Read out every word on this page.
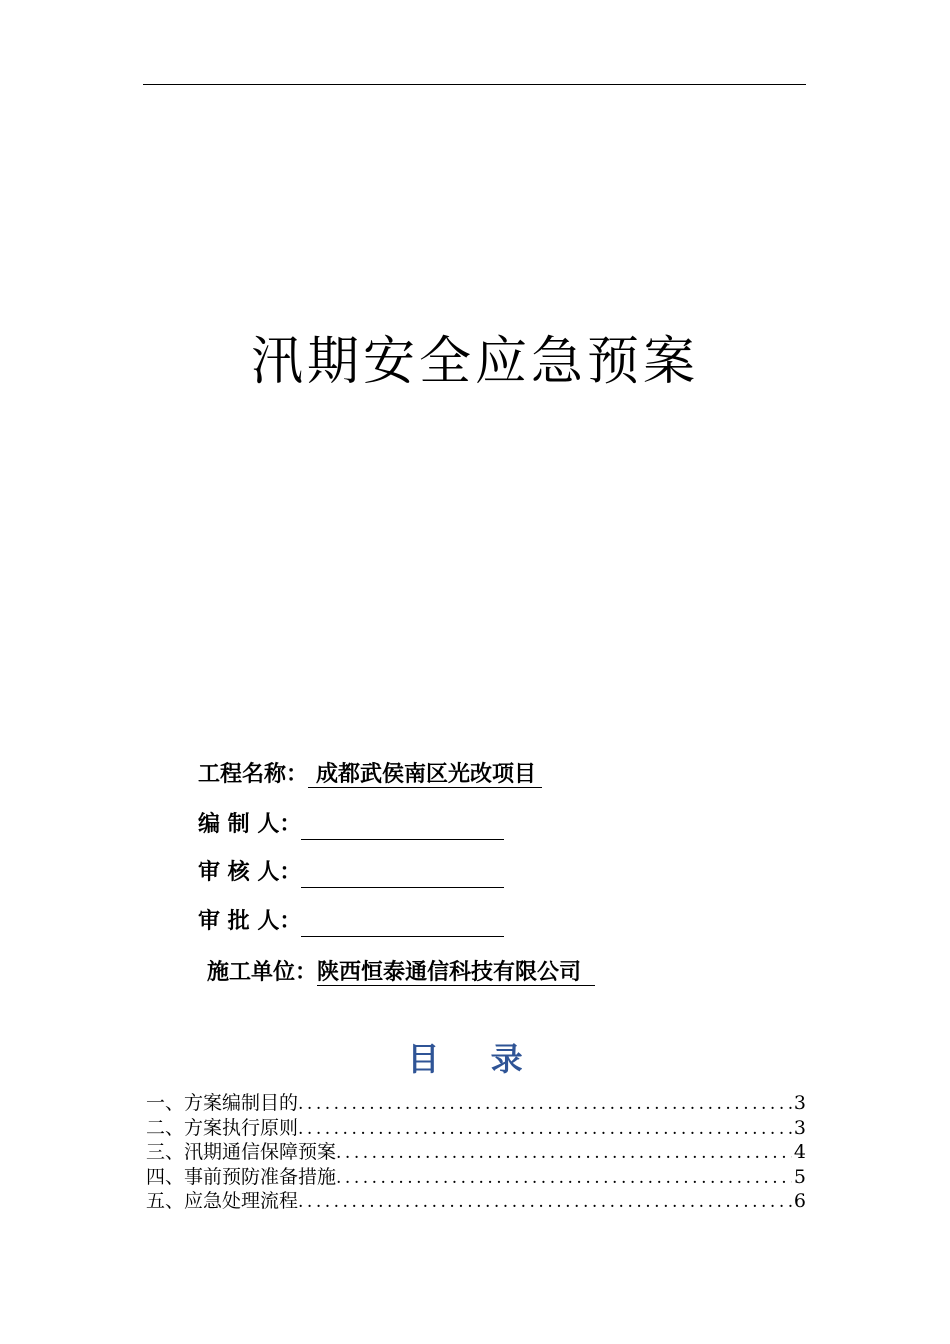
汛期安全应急预案
工程名称： 成都武侯南区光改项目
编 制 人：
审 核 人：
审 批 人：
施工单位：陕西恒泰通信科技有限公司
目 录
一、方案编制目的 .....	3
二、方案执行原则 .....	3
三、汛期通信保障预案 .....	4
四、事前预防准备措施 .....	5
五、应急处理流程 .....	6
